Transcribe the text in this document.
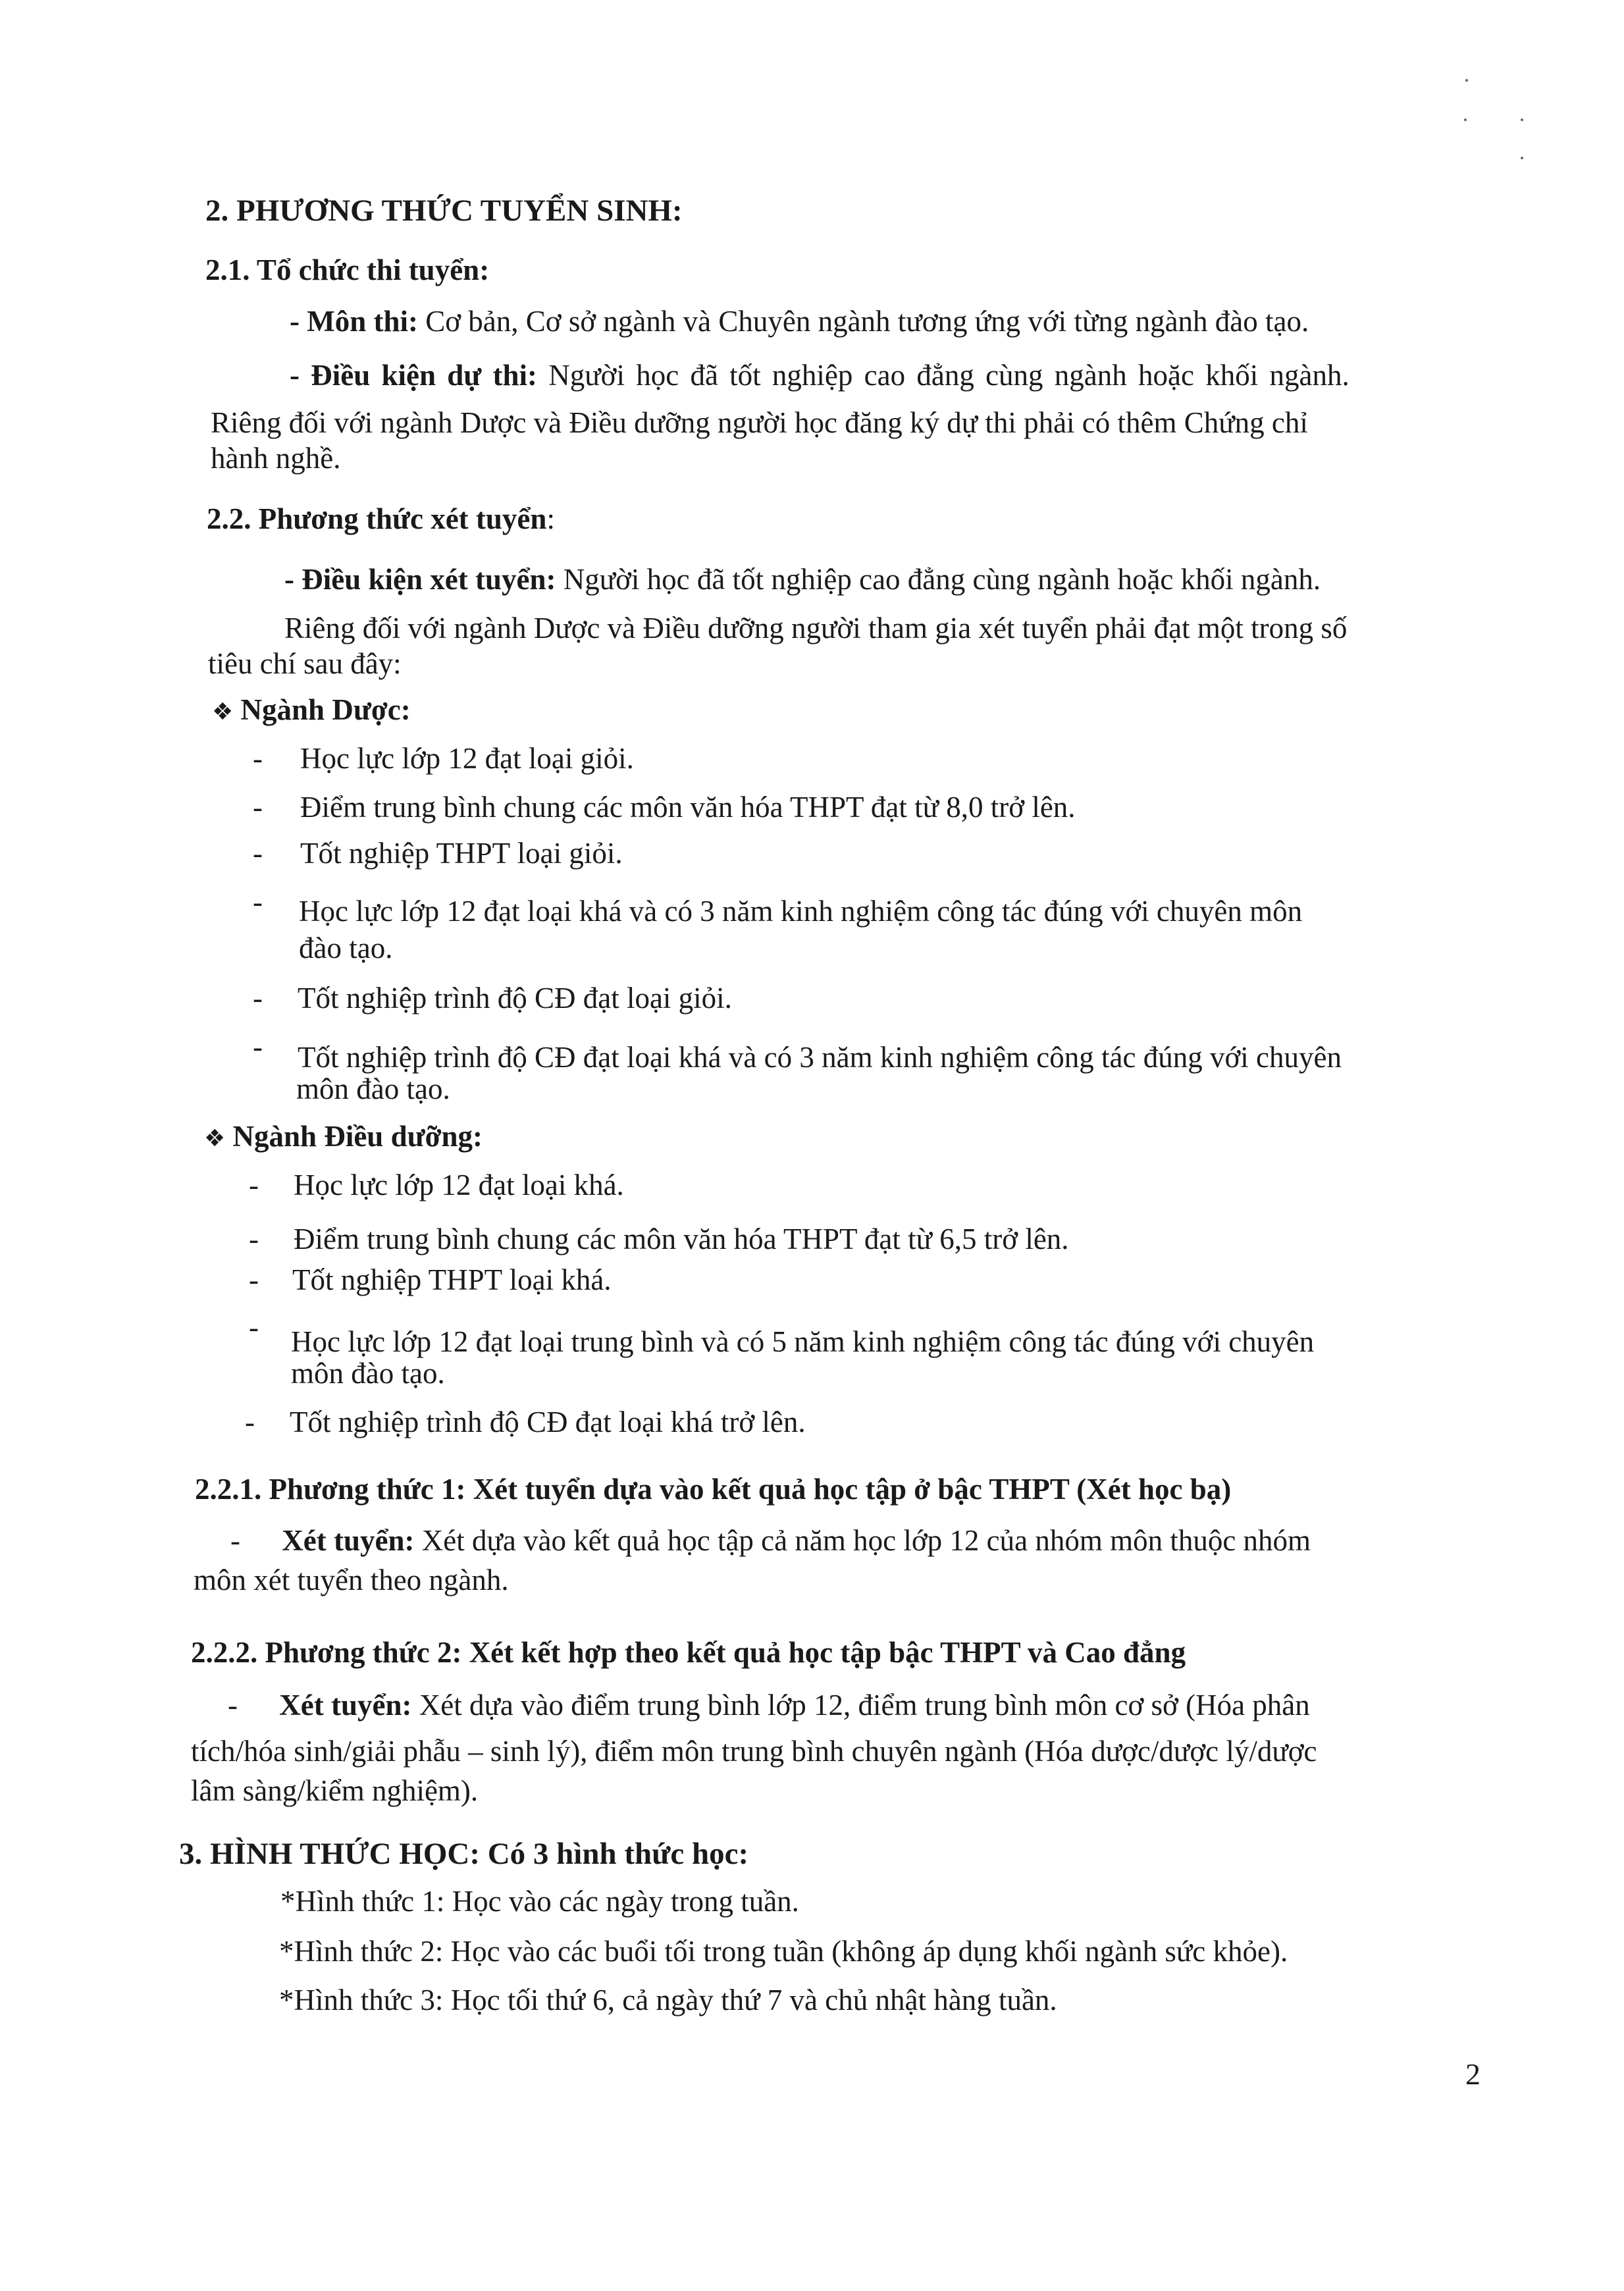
2. PHƯƠNG THỨC TUYỂN SINH:
2.1. Tổ chức thi tuyển:
- Môn thi: Cơ bản, Cơ sở ngành và Chuyên ngành tương ứng với từng ngành đào tạo.
- Điều kiện dự thi: Người học đã tốt nghiệp cao đẳng cùng ngành hoặc khối ngành.
Riêng đối với ngành Dược và Điều dưỡng người học đăng ký dự thi phải có thêm Chứng chỉ
hành nghề.
2.2. Phương thức xét tuyển:
- Điều kiện xét tuyển: Người học đã tốt nghiệp cao đẳng cùng ngành hoặc khối ngành.
Riêng đối với ngành Dược và Điều dưỡng người tham gia xét tuyển phải đạt một trong số
tiêu chí sau đây:
❖ Ngành Dược:
- Học lực lớp 12 đạt loại giỏi.
- Điểm trung bình chung các môn văn hóa THPT đạt từ 8,0 trở lên.
- Tốt nghiệp THPT loại giỏi.
- Học lực lớp 12 đạt loại khá và có 3 năm kinh nghiệm công tác đúng với chuyên môn
đào tạo.
- Tốt nghiệp trình độ CĐ đạt loại giỏi.
- Tốt nghiệp trình độ CĐ đạt loại khá và có 3 năm kinh nghiệm công tác đúng với chuyên
môn đào tạo.
❖ Ngành Điều dưỡng:
- Học lực lớp 12 đạt loại khá.
- Điểm trung bình chung các môn văn hóa THPT đạt từ 6,5 trở lên.
- Tốt nghiệp THPT loại khá.
- Học lực lớp 12 đạt loại trung bình và có 5 năm kinh nghiệm công tác đúng với chuyên
môn đào tạo.
- Tốt nghiệp trình độ CĐ đạt loại khá trở lên.
2.2.1. Phương thức 1: Xét tuyển dựa vào kết quả học tập ở bậc THPT (Xét học bạ)
- Xét tuyển: Xét dựa vào kết quả học tập cả năm học lớp 12 của nhóm môn thuộc nhóm
môn xét tuyển theo ngành.
2.2.2. Phương thức 2: Xét kết hợp theo kết quả học tập bậc THPT và Cao đẳng
- Xét tuyển: Xét dựa vào điểm trung bình lớp 12, điểm trung bình môn cơ sở (Hóa phân
tích/hóa sinh/giải phẫu – sinh lý), điểm môn trung bình chuyên ngành (Hóa dược/dược lý/dược
lâm sàng/kiểm nghiệm).
3. HÌNH THỨC HỌC: Có 3 hình thức học:
*Hình thức 1: Học vào các ngày trong tuần.
*Hình thức 2: Học vào các buổi tối trong tuần (không áp dụng khối ngành sức khỏe).
*Hình thức 3: Học tối thứ 6, cả ngày thứ 7 và chủ nhật hàng tuần.
2
